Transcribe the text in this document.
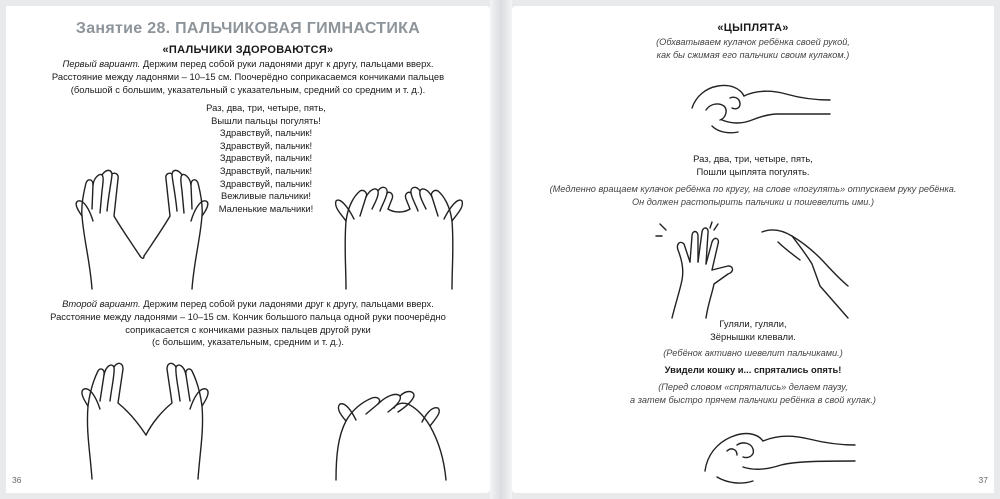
Занятие 28. ПАЛЬЧИКОВАЯ ГИМНАСТИКА
«ПАЛЬЧИКИ ЗДОРОВАЮТСЯ»
Первый вариант. Держим перед собой руки ладонями друг к другу, пальцами вверх.
Расстояние между ладонями – 10–15 см. Поочерёдно соприкасаемся кончиками пальцев
(большой с большим, указательный с указательным, средний со средним и т. д.).
Раз, два, три, четыре, пять,
Вышли пальцы погулять!
Здравствуй, пальчик!
Здравствуй, пальчик!
Здравствуй, пальчик!
Здравствуй, пальчик!
Здравствуй, пальчик!
Вежливые пальчики!
Маленькие мальчики!
Второй вариант. Держим перед собой руки ладонями друг к другу, пальцами вверх.
Расстояние между ладонями – 10–15 см. Кончик большого пальца одной руки поочерёдно
соприкасается с кончиками разных пальцев другой руки
(с большим, указательным, средним и т. д.).
36
«ЦЫПЛЯТА»
(Обхватываем кулачок ребёнка своей рукой,
как бы сжимая его пальчики своим кулаком.)
Раз, два, три, четыре, пять,
Пошли цыплята погулять.
(Медленно вращаем кулачок ребёнка по кругу, на слове «погулять» отпускаем руку ребёнка.
Он должен растопырить пальчики и пошевелить ими.)
Гуляли, гуляли,
Зёрнышки клевали.
(Ребёнок активно шевелит пальчиками.)
Увидели кошку и... спрятались опять!
(Перед словом «спрятались» делаем паузу,
а затем быстро прячем пальчики ребёнка в свой кулак.)
37
